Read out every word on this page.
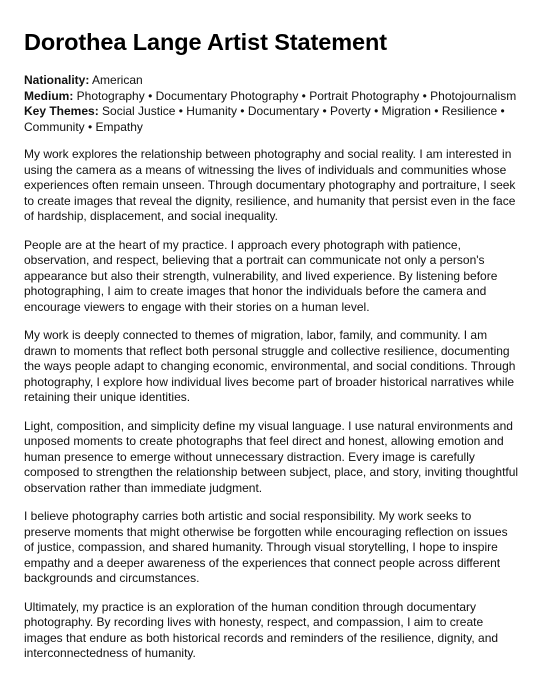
Dorothea Lange Artist Statement
Nationality: American
Medium: Photography • Documentary Photography • Portrait Photography • Photojournalism
Key Themes: Social Justice • Humanity • Documentary • Poverty • Migration • Resilience • Community • Empathy

My work explores the relationship between photography and social reality. I am interested in using the camera as a means of witnessing the lives of individuals and communities whose experiences often remain unseen. Through documentary photography and portraiture, I seek to create images that reveal the dignity, resilience, and humanity that persist even in the face of hardship, displacement, and social inequality.

People are at the heart of my practice. I approach every photograph with patience, observation, and respect, believing that a portrait can communicate not only a person's appearance but also their strength, vulnerability, and lived experience. By listening before photographing, I aim to create images that honor the individuals before the camera and encourage viewers to engage with their stories on a human level.

My work is deeply connected to themes of migration, labor, family, and community. I am drawn to moments that reflect both personal struggle and collective resilience, documenting the ways people adapt to changing economic, environmental, and social conditions. Through photography, I explore how individual lives become part of broader historical narratives while retaining their unique identities.

Light, composition, and simplicity define my visual language. I use natural environments and unposed moments to create photographs that feel direct and honest, allowing emotion and human presence to emerge without unnecessary distraction. Every image is carefully composed to strengthen the relationship between subject, place, and story, inviting thoughtful observation rather than immediate judgment.

I believe photography carries both artistic and social responsibility. My work seeks to preserve moments that might otherwise be forgotten while encouraging reflection on issues of justice, compassion, and shared humanity. Through visual storytelling, I hope to inspire empathy and a deeper awareness of the experiences that connect people across different backgrounds and circumstances.

Ultimately, my practice is an exploration of the human condition through documentary photography. By recording lives with honesty, respect, and compassion, I aim to create images that endure as both historical records and reminders of the resilience, dignity, and interconnectedness of humanity.
